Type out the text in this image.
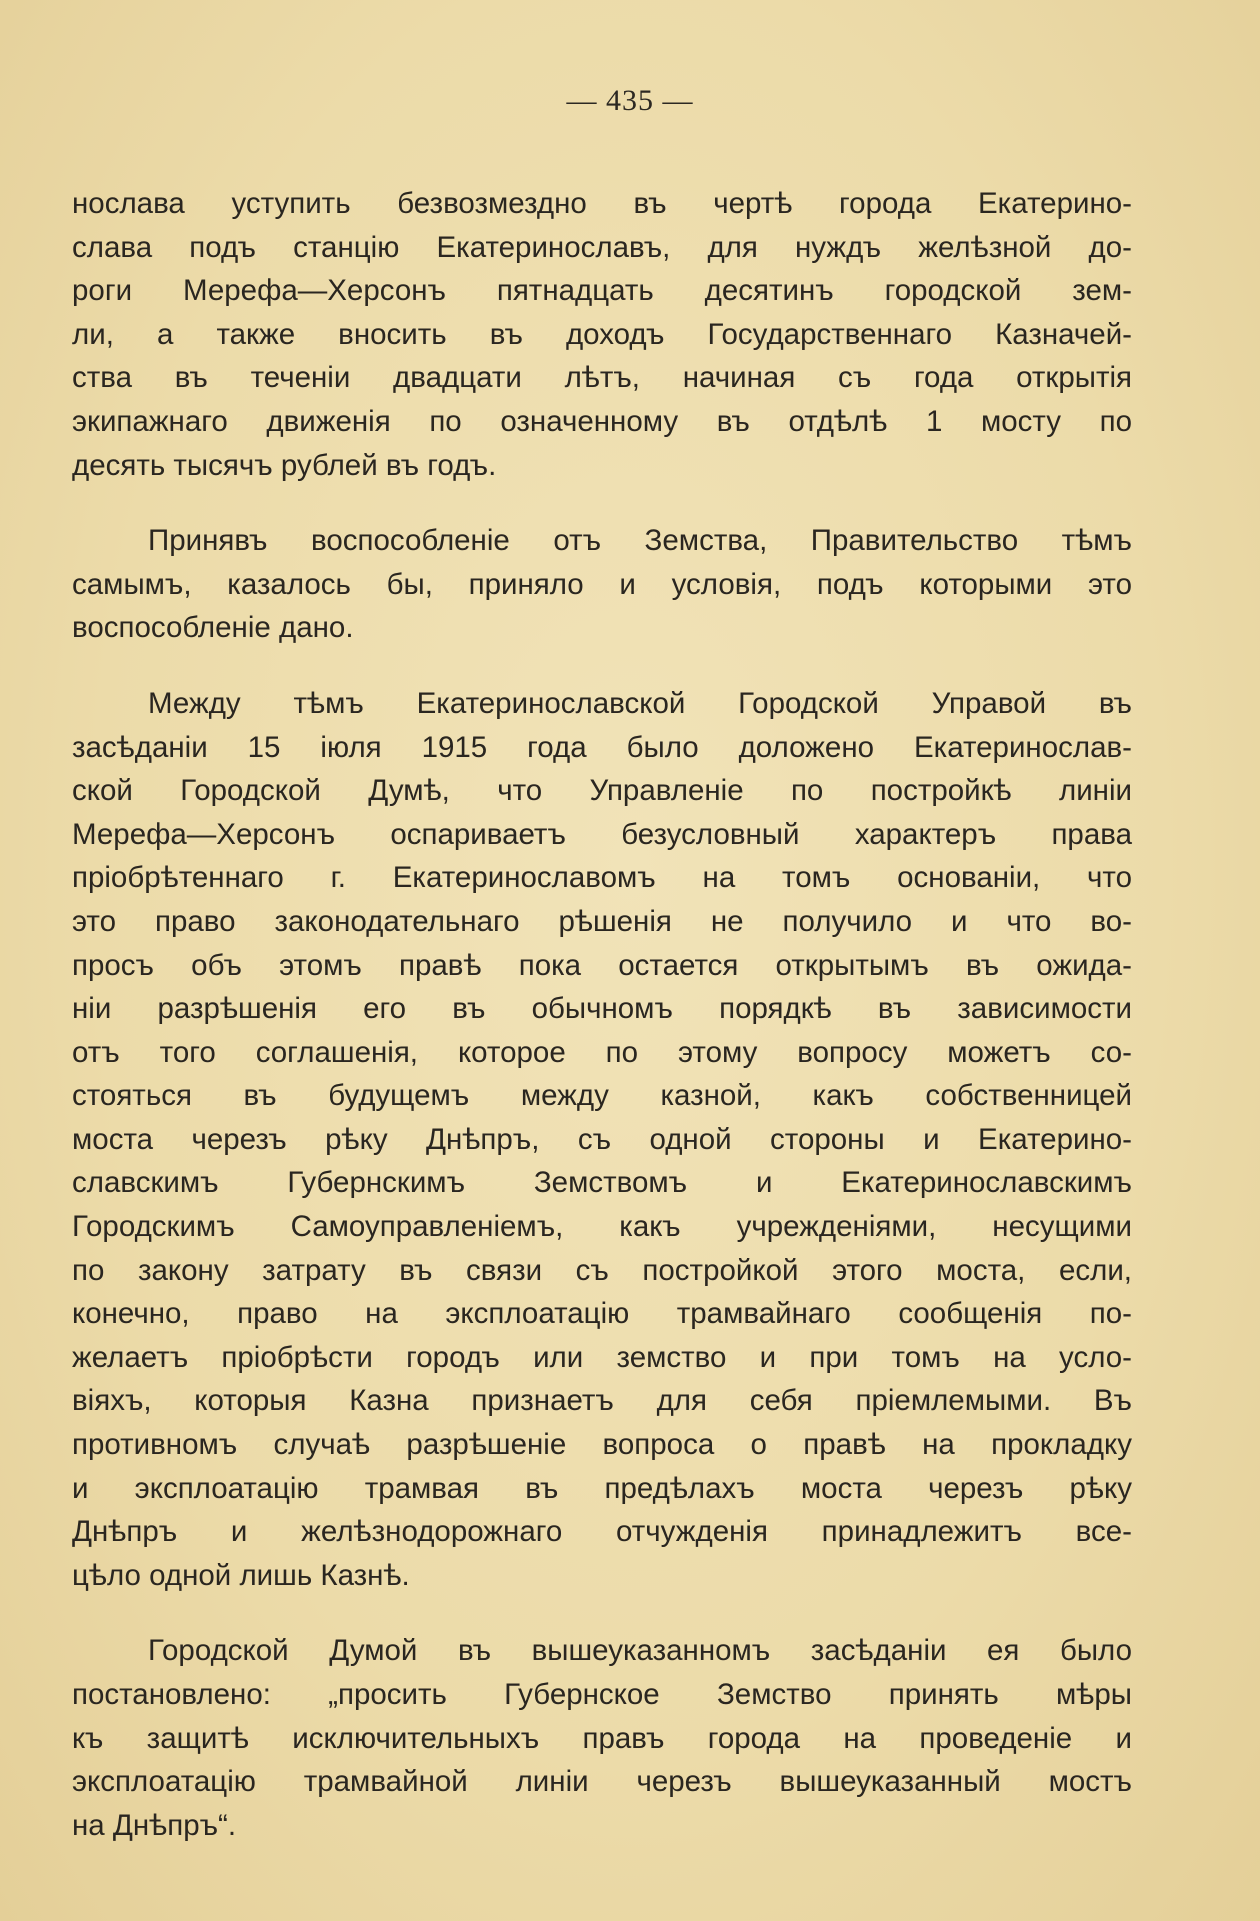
— 435 —
нослава уступить безвозмездно въ чертѣ города Екатерино-
слава подъ станцію Екатеринославъ, для нуждъ желѣзной до-
роги Мерефа—Херсонъ пятнадцать десятинъ городской зем-
ли, а также вносить въ доходъ Государственнаго Казначей-
ства въ теченіи двадцати лѣтъ, начиная съ года открытія
экипажнаго движенія по означенному въ отдѣлѣ 1 мосту по
десять тысячъ рублей въ годъ.
Принявъ воспособленіе отъ Земства, Правительство тѣмъ
самымъ, казалось бы, приняло и условія, подъ которыми это
воспособленіе дано.
Между тѣмъ Екатеринославской Городской Управой въ
засѣданіи 15 іюля 1915 года было доложено Екатеринослав-
ской Городской Думѣ, что Управленіе по постройкѣ линіи
Мерефа—Херсонъ оспариваетъ безусловный характеръ права
пріобрѣтеннаго г. Екатеринославомъ на томъ основаніи, что
это право законодательнаго рѣшенія не получило и что во-
просъ объ этомъ правѣ пока остается открытымъ въ ожида-
ніи разрѣшенія его въ обычномъ порядкѣ въ зависимости
отъ того соглашенія, которое по этому вопросу можетъ со-
стояться въ будущемъ между казной, какъ собственницей
моста черезъ рѣку Днѣпръ, съ одной стороны и Екатерино-
славскимъ Губернскимъ Земствомъ и Екатеринославскимъ
Городскимъ Самоуправленіемъ, какъ учрежденіями, несущими
по закону затрату въ связи съ постройкой этого моста, если,
конечно, право на эксплоатацію трамвайнаго сообщенія по-
желаетъ пріобрѣсти городъ или земство и при томъ на усло-
віяхъ, которыя Казна признаетъ для себя пріемлемыми. Въ
противномъ случаѣ разрѣшеніе вопроса о правѣ на прокладку
и эксплоатацію трамвая въ предѣлахъ моста черезъ рѣку
Днѣпръ и желѣзнодорожнаго отчужденія принадлежитъ все-
цѣло одной лишь Казнѣ.
Городской Думой въ вышеуказанномъ засѣданіи ея было
постановлено: „просить Губернское Земство принять мѣры
къ защитѣ исключительныхъ правъ города на проведеніе и
эксплоатацію трамвайной линіи черезъ вышеуказанный мостъ
на Днѣпръ“.
